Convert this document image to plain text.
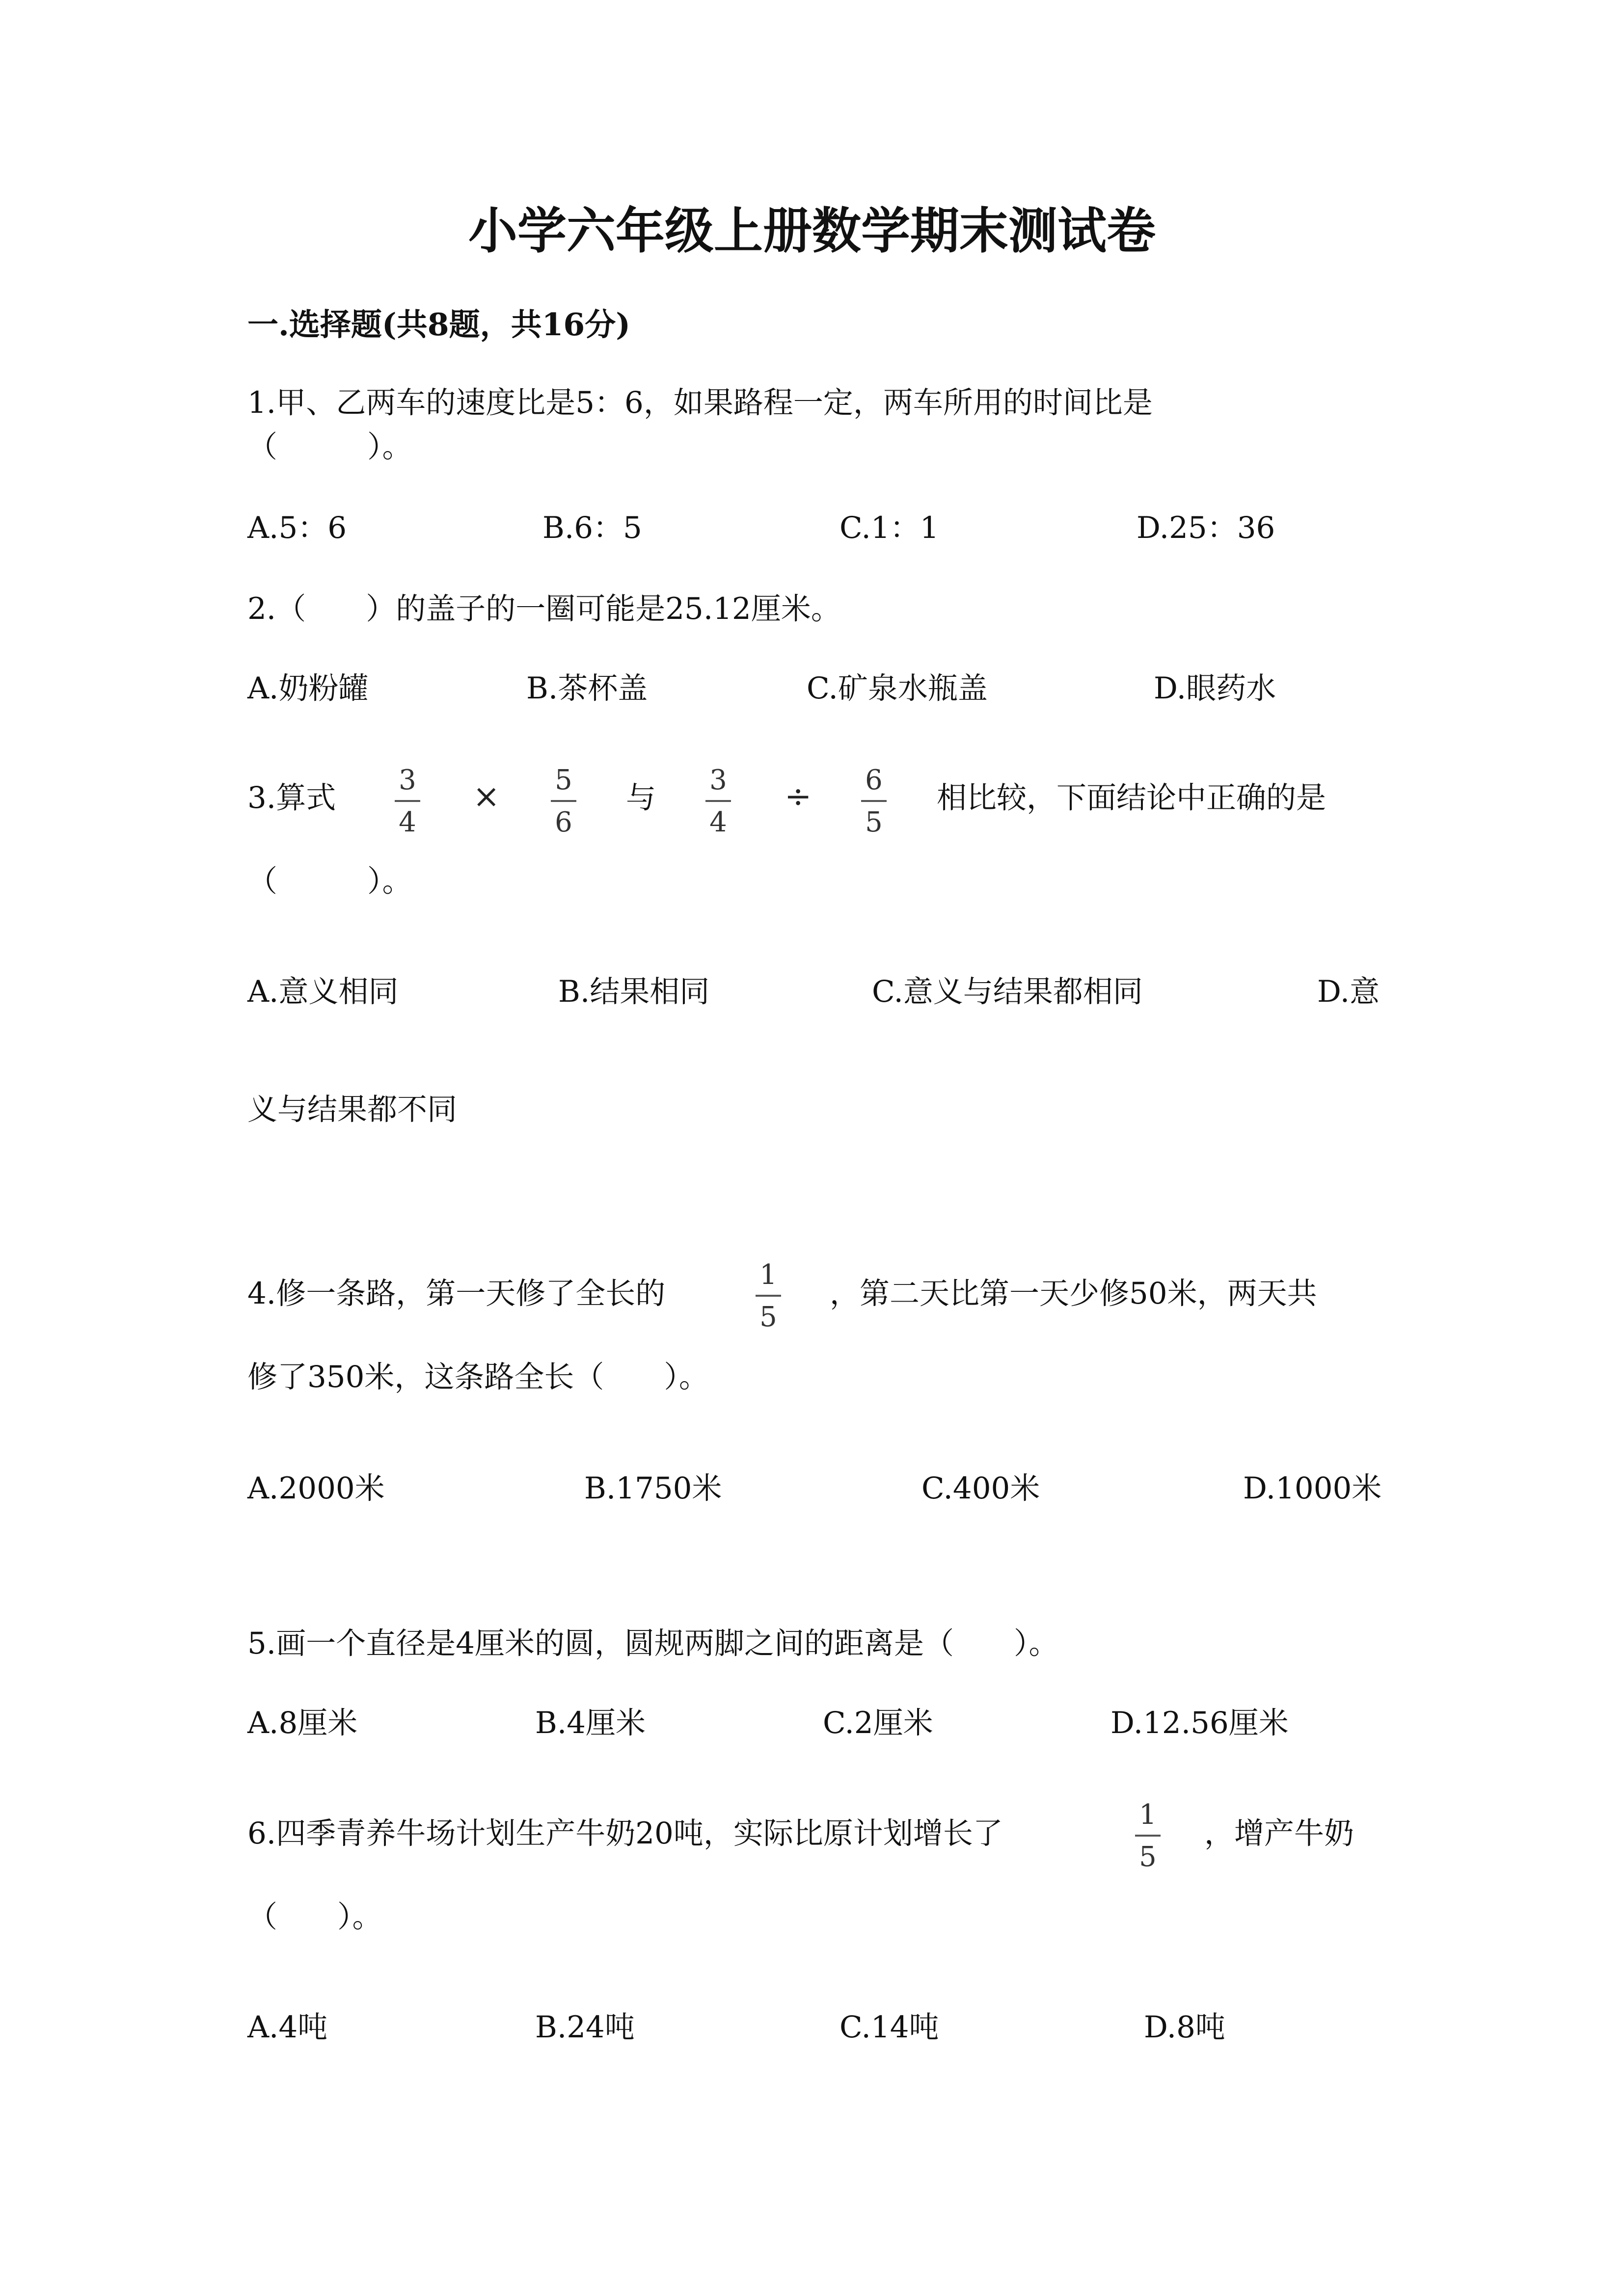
小学六年级上册数学期末测试卷
一.选择题(共8题，共16分)
1.甲、乙两车的速度比是5：6，如果路程一定，两车所用的时间比是
（　　　）。
A.5：6	B.6：5	C.1：1	D.25：36
2.（　　）的盖子的一圈可能是25.12厘米。
A.奶粉罐	B.茶杯盖	C.矿泉水瓶盖	D.眼药水
3.算式
3
4
×	5
6
与
3
4
÷	6
5
相比较，下面结论中正确的是
（　　　）。
A.意义相同	B.结果相同	C.意义与结果都相同	D.意
义与结果都不同
4.修一条路，第一天修了全长的
1
5
，第二天比第一天少修50米，两天共
修了350米，这条路全长（　　）。
A.2000米	B.1750米	C.400米	D.1000米
5.画一个直径是4厘米的圆，圆规两脚之间的距离是（　　）。
A.8厘米	B.4厘米	C.2厘米	D.12.56厘米
6.四季青养牛场计划生产牛奶20吨，实际比原计划增长了
1
5
，增产牛奶
（　　）。
A.4吨	B.24吨	C.14吨	D.8吨
